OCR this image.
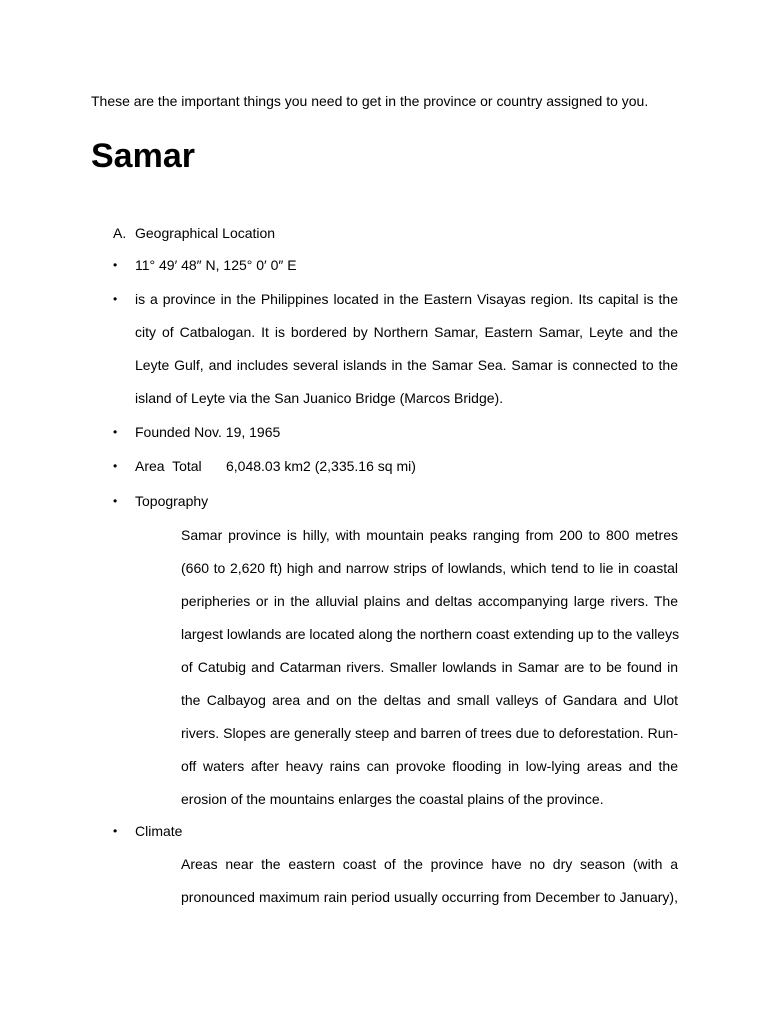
These are the important things you need to get in the province or country assigned to you.
Samar
A. Geographical Location
•	11° 49′ 48″ N, 125° 0′ 0″ E
•	is a province in the Philippines located in the Eastern Visayas region. Its capital is the
city of Catbalogan. It is bordered by Northern Samar, Eastern Samar, Leyte and the
Leyte Gulf, and includes several islands in the Samar Sea. Samar is connected to the
island of Leyte via the San Juanico Bridge (Marcos Bridge).
•	Founded Nov. 19, 1965
•	Area  Total 6,048.03 km2 (2,335.16 sq mi)
•	Topography
Samar province is hilly, with mountain peaks ranging from 200 to 800 metres
(660 to 2,620 ft) high and narrow strips of lowlands, which tend to lie in coastal
peripheries or in the alluvial plains and deltas accompanying large rivers. The
largest lowlands are located along the northern coast extending up to the valleys
of Catubig and Catarman rivers. Smaller lowlands in Samar are to be found in
the Calbayog area and on the deltas and small valleys of Gandara and Ulot
rivers. Slopes are generally steep and barren of trees due to deforestation. Run-
off waters after heavy rains can provoke flooding in low-lying areas and the
erosion of the mountains enlarges the coastal plains of the province.
•	Climate
Areas near the eastern coast of the province have no dry season (with a
pronounced maximum rain period usually occurring from December to January),
